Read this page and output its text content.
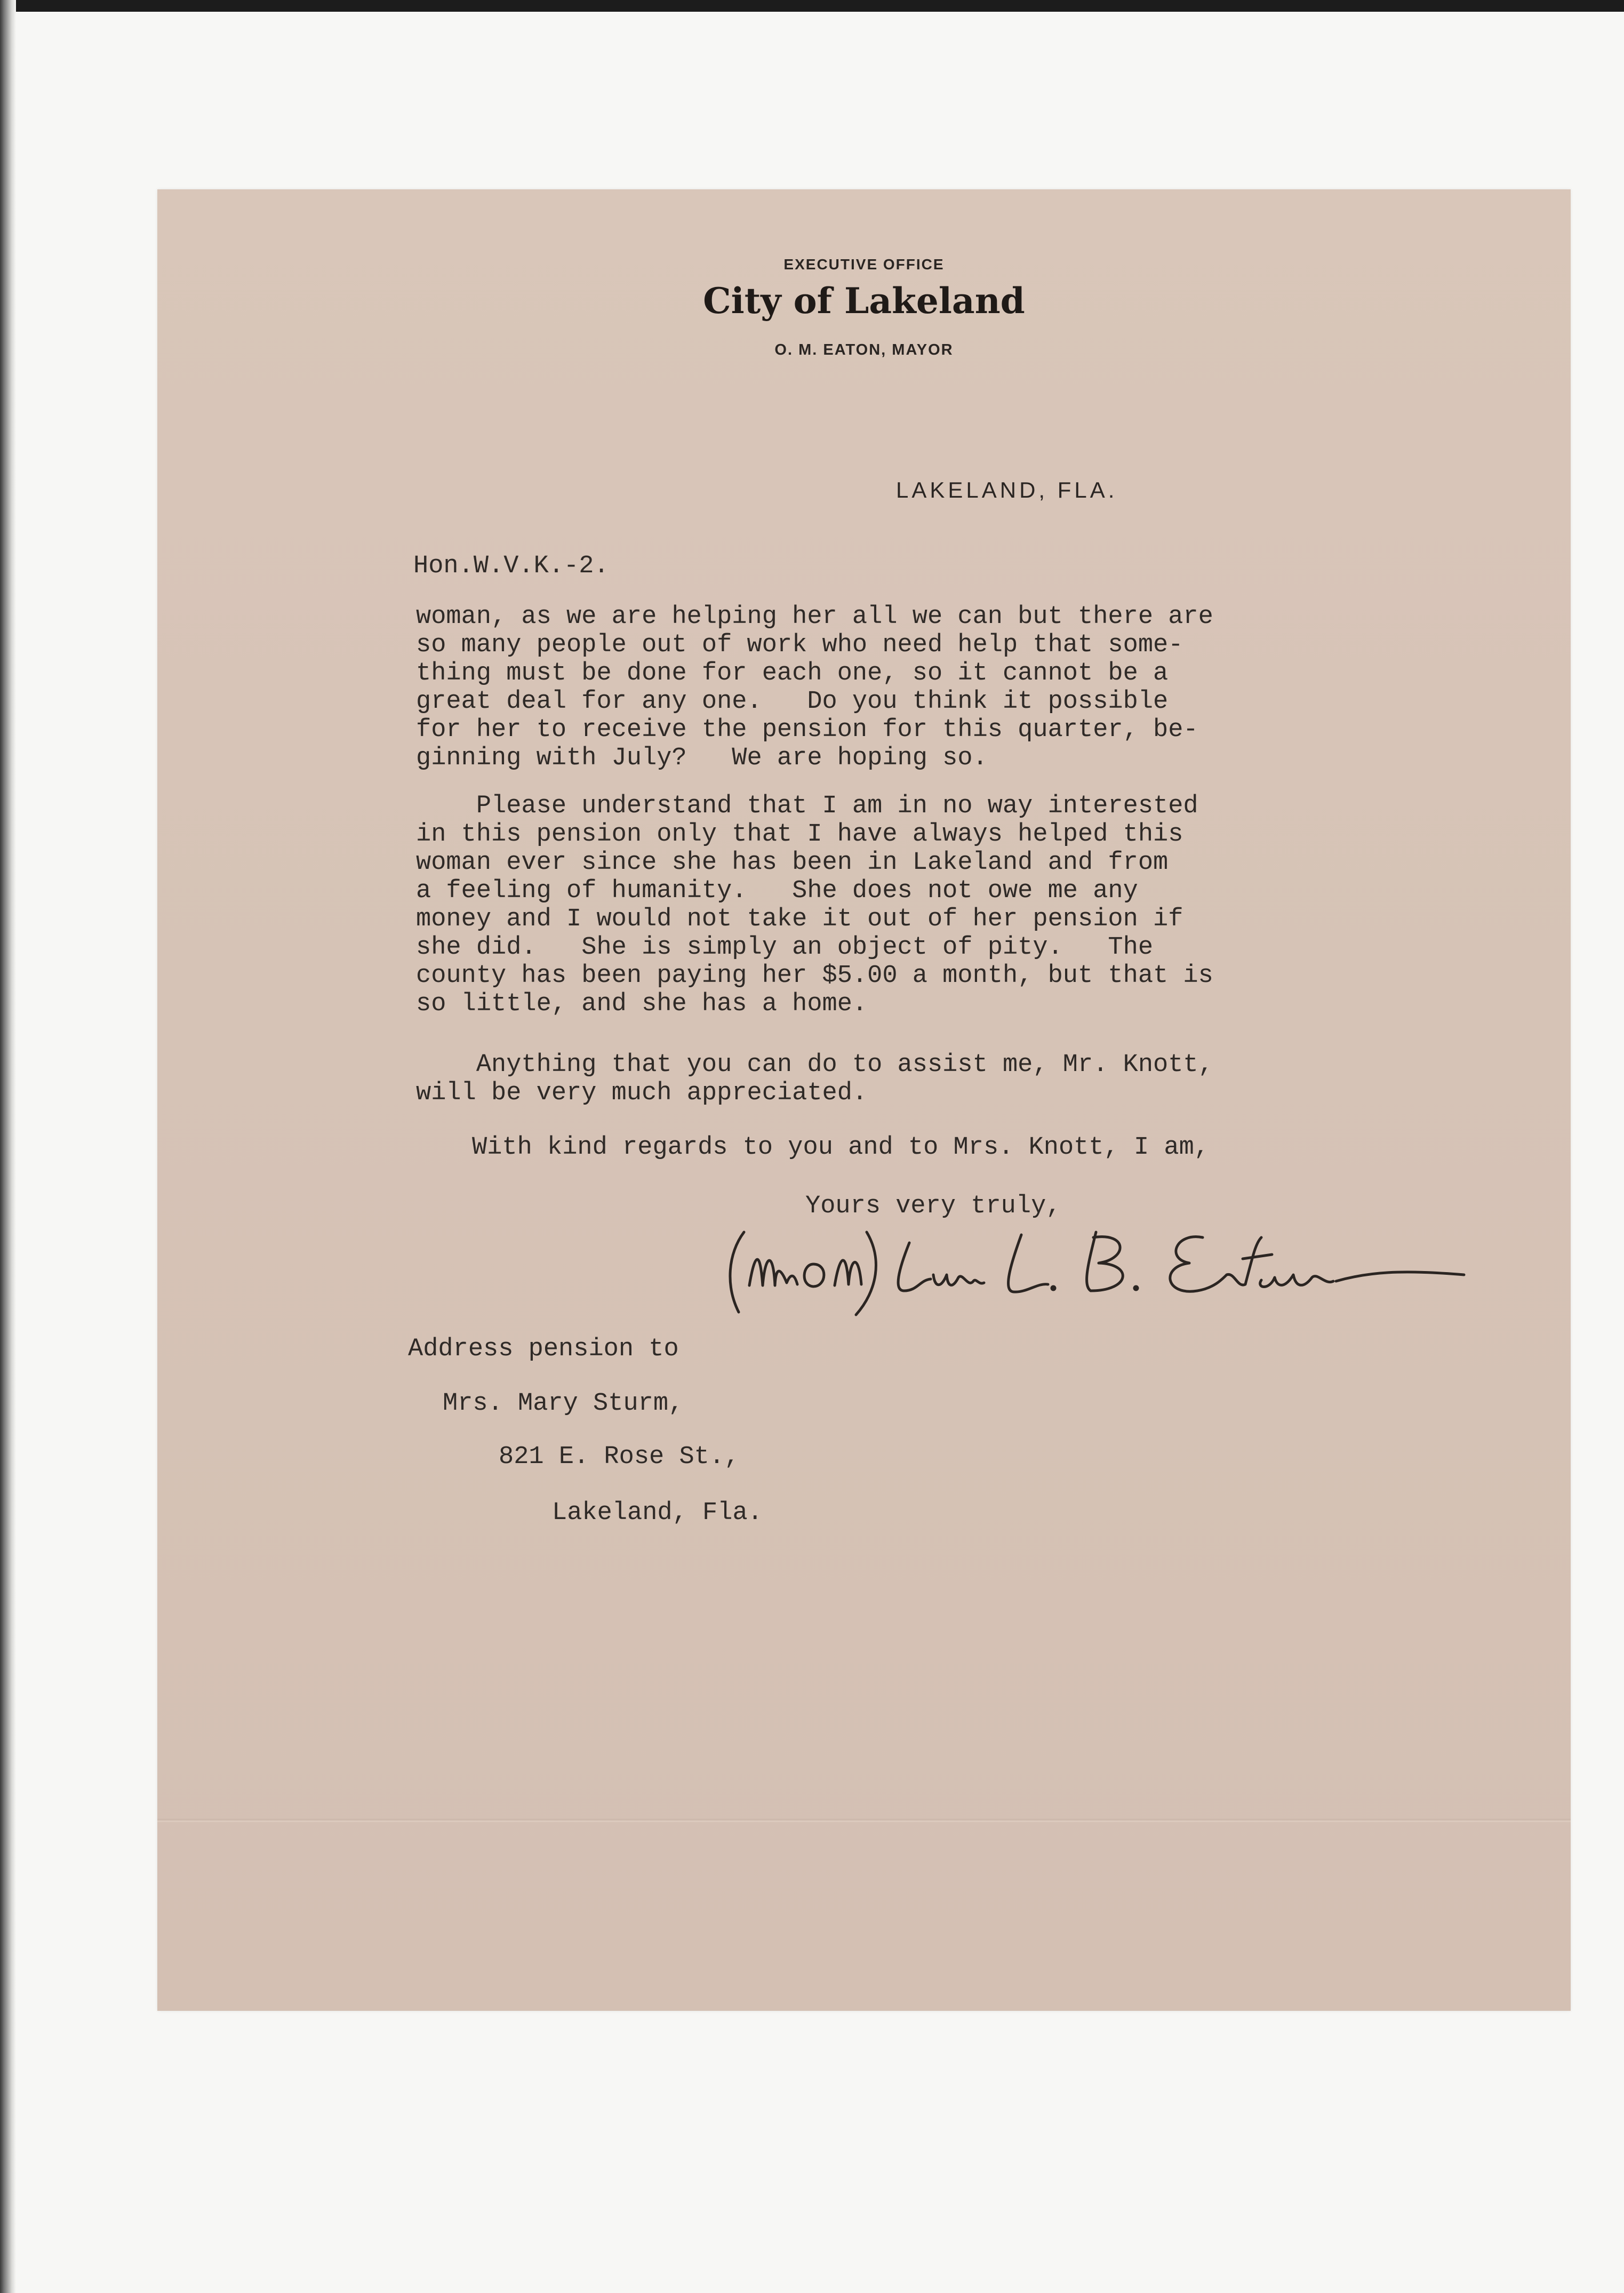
EXECUTIVE OFFICE
City of Lakeland
O. M. EATON, MAYOR
LAKELAND, FLA.
Hon.W.V.K.-2.
woman, as we are helping her all we can but there are
so many people out of work who need help that some-
thing must be done for each one, so it cannot be a
great deal for any one.   Do you think it possible
for her to receive the pension for this quarter, be-
ginning with July?   We are hoping so.
Please understand that I am in no way interested
in this pension only that I have always helped this
woman ever since she has been in Lakeland and from
a feeling of humanity.   She does not owe me any
money and I would not take it out of her pension if
she did.   She is simply an object of pity.   The
county has been paying her $5.00 a month, but that is
so little, and she has a home.
Anything that you can do to assist me, Mr. Knott,
will be very much appreciated.
With kind regards to you and to Mrs. Knott, I am,
Yours very truly,
Address pension to
Mrs. Mary Sturm,
821 E. Rose St.,
Lakeland, Fla.
